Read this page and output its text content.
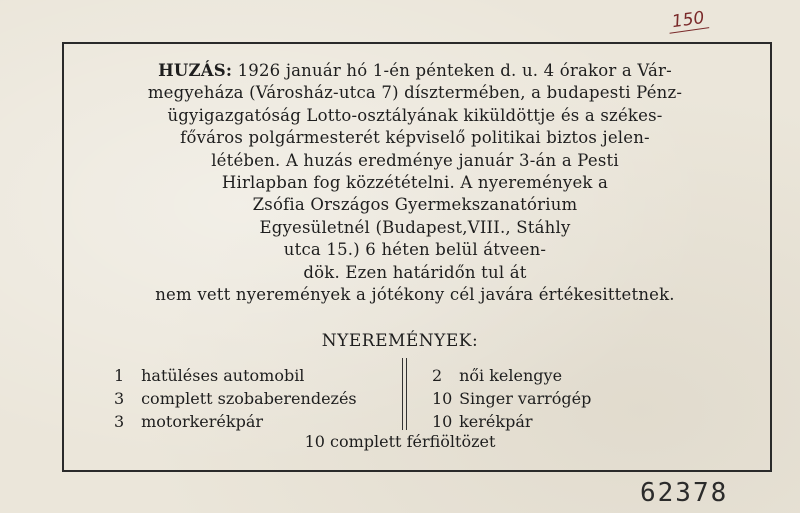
150
HUZÁS: 1926 január hó 1-én pénteken d. u. 4 órakor a Vár-
megyeháza (Városház-utca 7) dísztermében, a budapesti Pénz-
ügyigazgatóság Lotto-osztályának kiküldöttje és a székes-
főváros polgármesterét képviselő politikai biztos jelen-
létében. A huzás eredménye január 3-án a Pesti
Hirlapban fog közzétételni. A nyeremények a
Zsófia Országos Gyermekszanatórium
Egyesületnél (Budapest,VIII., Stáhly
utca 15.) 6 héten belül átveen-
dök. Ezen határidőn tul át
nem vett nyeremények a jótékony cél javára értékesittetnek.
NYEREMÉNYEK:
1 hatüléses automobil
3 complett szobaberendezés
3 motorkerékpár
2 női kelengye
10 Singer varrógép
10 kerékpár
10 complett férfiöltözet
62378
